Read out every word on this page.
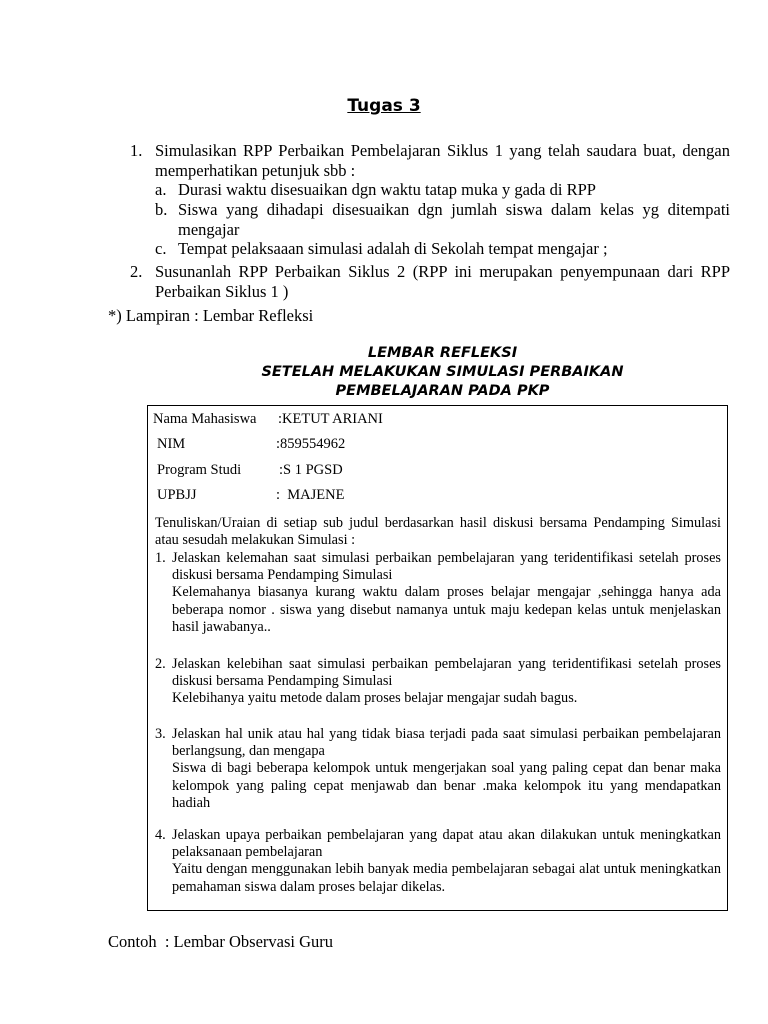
Tugas 3
1. Simulasikan RPP Perbaikan Pembelajaran Siklus 1 yang telah saudara buat, dengan memperhatikan petunjuk sbb :
a. Durasi waktu disesuaikan dgn waktu tatap muka y gada di RPP
b. Siswa yang dihadapi disesuaikan dgn jumlah siswa dalam kelas yg ditempati mengajar
c. Tempat pelaksaaan simulasi adalah di Sekolah tempat mengajar ;
2. Susunanlah RPP Perbaikan Siklus 2 (RPP ini merupakan penyempunaan dari RPP Perbaikan Siklus 1 )
*) Lampiran : Lembar Refleksi
LEMBAR REFLEKSI
SETELAH MELAKUKAN SIMULASI PERBAIKAN
PEMBELAJARAN PADA PKP
Nama Mahasiswa :KETUT ARIANI
NIM	:859554962
Program Studi	:S 1 PGSD
UPBJJ	:  MAJENE
Tenuliskan/Uraian di setiap sub judul berdasarkan hasil diskusi bersama Pendamping Simulasi atau sesudah melakukan Simulasi :
1. Jelaskan kelemahan saat simulasi perbaikan pembelajaran yang teridentifikasi setelah proses diskusi bersama Pendamping Simulasi
Kelemahanya biasanya kurang waktu dalam proses belajar mengajar ,sehingga hanya ada beberapa nomor . siswa yang disebut namanya untuk maju kedepan kelas untuk menjelaskan hasil jawabanya..
2. Jelaskan kelebihan saat simulasi perbaikan pembelajaran yang teridentifikasi setelah proses diskusi bersama Pendamping Simulasi
Kelebihanya yaitu metode dalam proses belajar mengajar sudah bagus.
3. Jelaskan hal unik atau hal yang tidak biasa terjadi pada saat simulasi perbaikan pembelajaran berlangsung, dan mengapa
Siswa di bagi beberapa kelompok untuk mengerjakan soal yang paling cepat dan benar maka kelompok yang paling cepat menjawab dan benar .maka kelompok itu yang mendapatkan hadiah
4. Jelaskan upaya perbaikan pembelajaran yang dapat atau akan dilakukan untuk meningkatkan pelaksanaan pembelajaran
Yaitu dengan menggunakan lebih banyak media pembelajaran sebagai alat untuk meningkatkan pemahaman siswa dalam proses belajar dikelas.
Contoh  : Lembar Observasi Guru
